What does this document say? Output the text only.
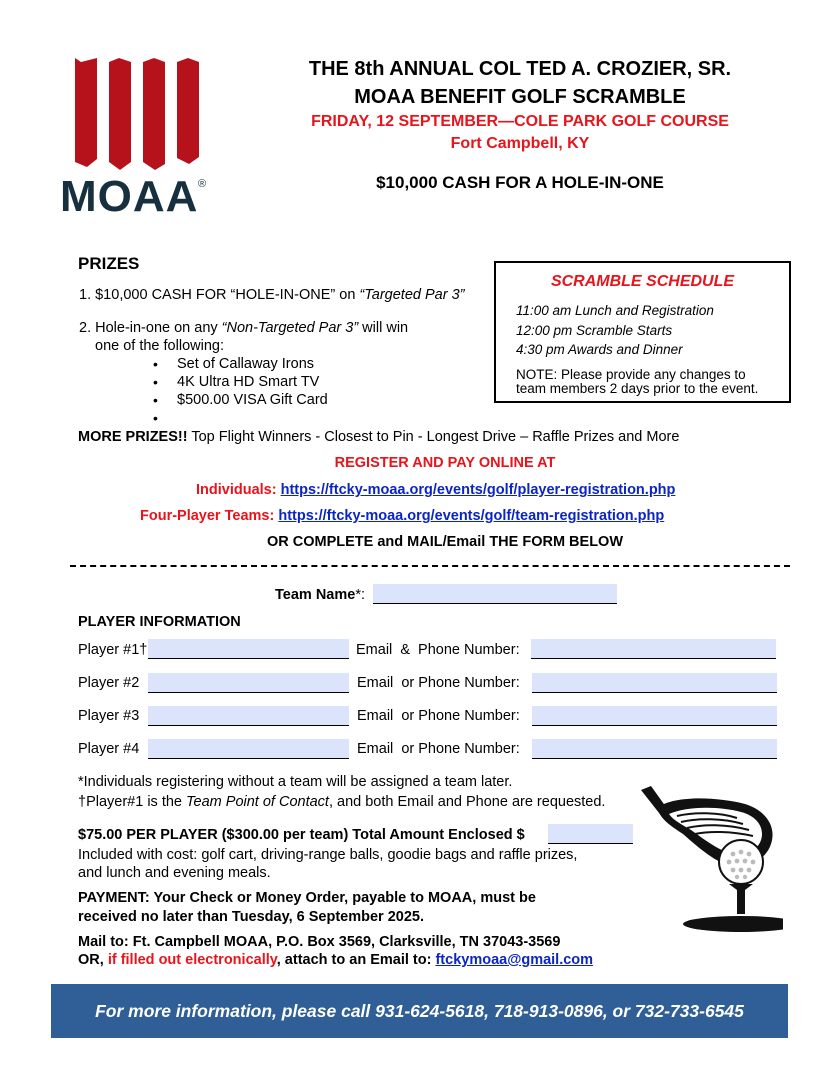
MOAA ®
THE 8th ANNUAL COL TED A. CROZIER, SR.
MOAA BENEFIT GOLF SCRAMBLE
FRIDAY, 12 SEPTEMBER—COLE PARK GOLF COURSE
Fort Campbell, KY
$10,000 CASH FOR A HOLE-IN-ONE
PRIZES
1. $10,000 CASH FOR “HOLE-IN-ONE” on “Targeted Par 3”
2. Hole-in-one on any “Non-Targeted Par 3” will win
one of the following:
• Set of Callaway Irons
• 4K Ultra HD Smart TV
• $500.00 VISA Gift Card
•
MORE PRIZES!! Top Flight Winners - Closest to Pin - Longest Drive – Raffle Prizes and More
SCRAMBLE SCHEDULE
11:00 am Lunch and Registration
12:00 pm Scramble Starts
4:30 pm Awards and Dinner
NOTE: Please provide any changes to
team members 2 days prior to the event.
REGISTER AND PAY ONLINE AT
Individuals: https://ftcky-moaa.org/events/golf/player-registration.php
Four-Player Teams: https://ftcky-moaa.org/events/golf/team-registration.php
OR COMPLETE and MAIL/Email THE FORM BELOW
Team Name*:
PLAYER INFORMATION
Player #1†	Email  &  Phone Number:
Player #2	Email  or Phone Number:
Player #3	Email  or Phone Number:
Player #4	Email  or Phone Number:
*Individuals registering without a team will be assigned a team later.
†Player#1 is the Team Point of Contact, and both Email and Phone are requested.
$75.00 PER PLAYER ($300.00 per team) Total Amount Enclosed $
Included with cost: golf cart, driving-range balls, goodie bags and raffle prizes,
and lunch and evening meals.
PAYMENT: Your Check or Money Order, payable to MOAA, must be
received no later than Tuesday, 6 September 2025.
Mail to: Ft. Campbell MOAA, P.O. Box 3569, Clarksville, TN 37043-3569
OR, if filled out electronically, attach to an Email to: ftckymoaa@gmail.com
For more information, please call 931-624-5618, 718-913-0896, or 732-733-6545
